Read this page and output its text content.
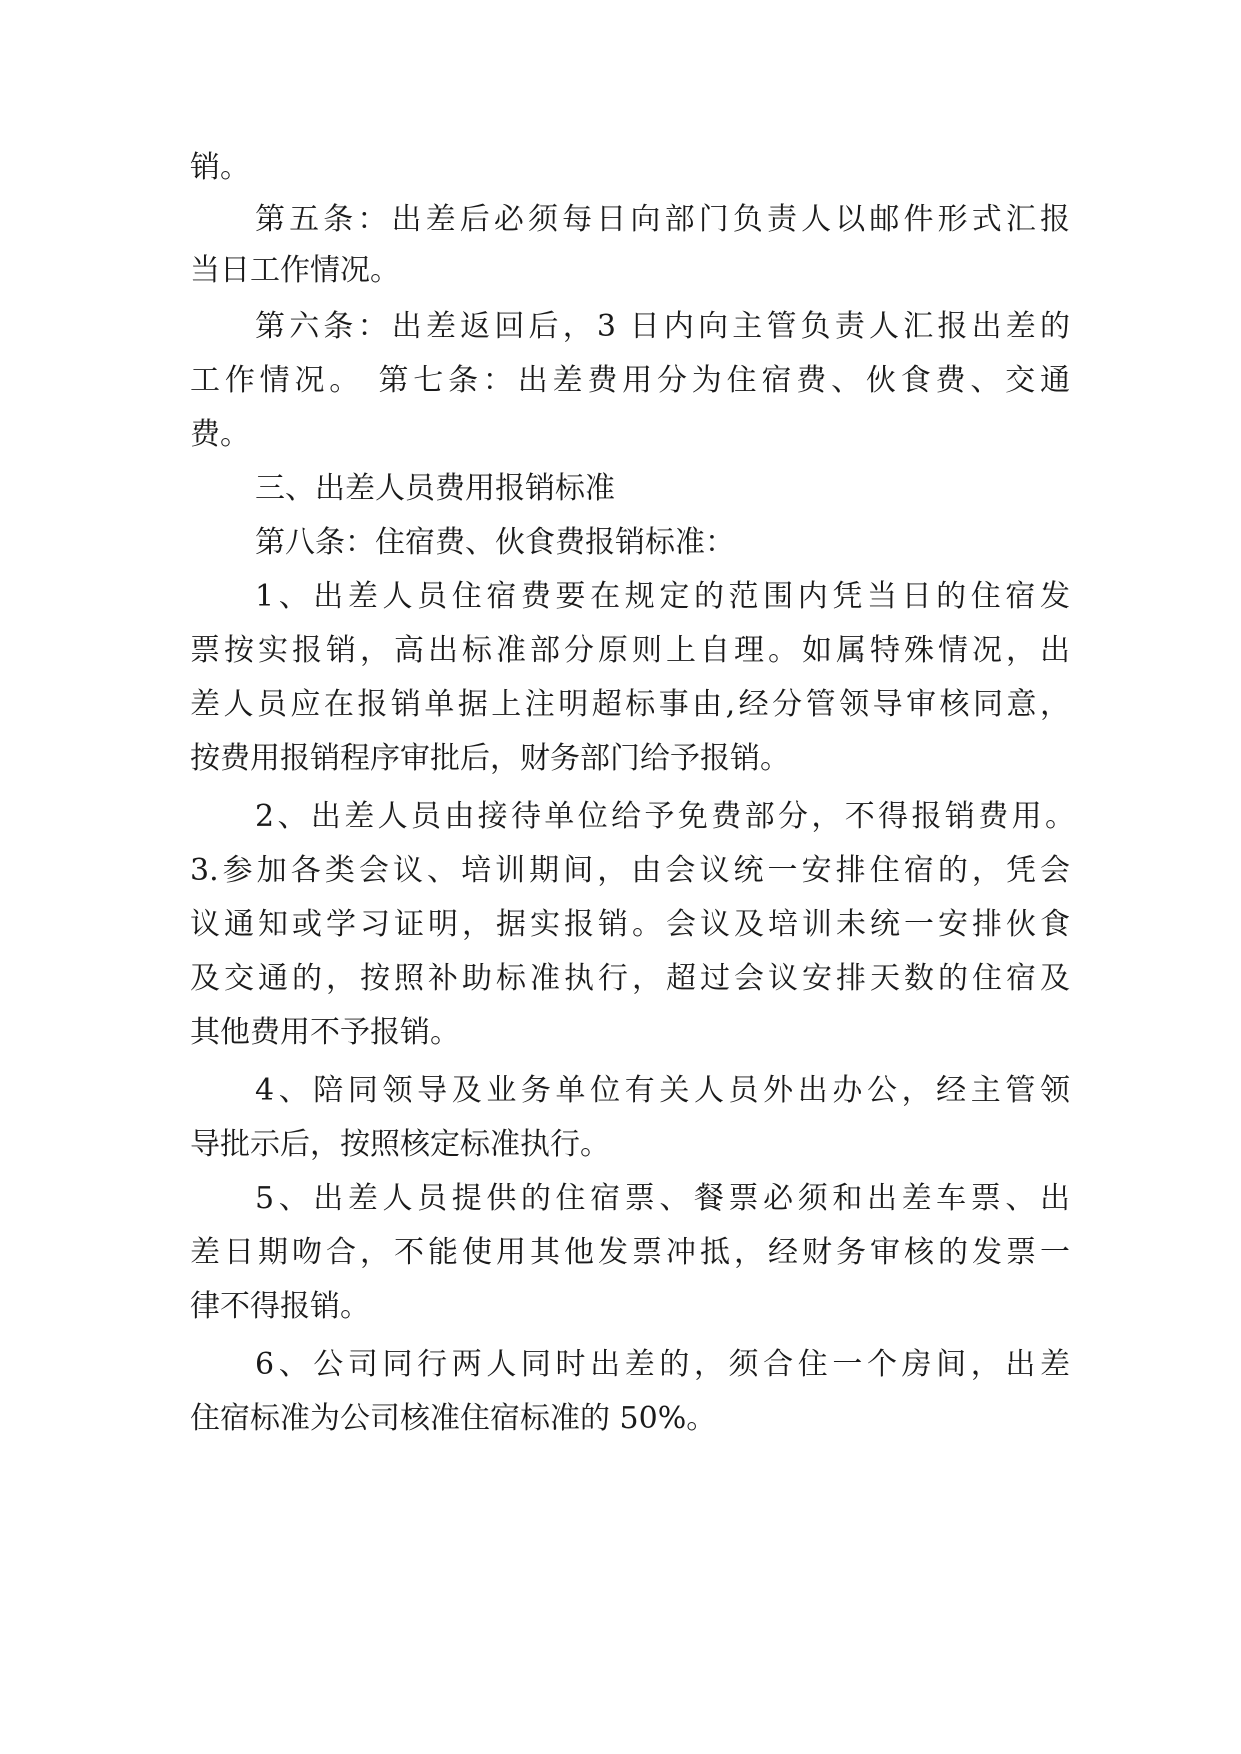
销。
第五条：出差后必须每日向部门负责人以邮件形式汇报
当日工作情况。
第六条：出差返回后，3 日内向主管负责人汇报出差的
工作情况。 第七条：出差费用分为住宿费、伙食费、交通
费。
三、出差人员费用报销标准
第八条：住宿费、伙食费报销标准：
1、出差人员住宿费要在规定的范围内凭当日的住宿发
票按实报销，高出标准部分原则上自理。如属特殊情况，出
差人员应在报销单据上注明超标事由,经分管领导审核同意，
按费用报销程序审批后，财务部门给予报销。
2、出差人员由接待单位给予免费部分，不得报销费用。
3.参加各类会议、培训期间，由会议统一安排住宿的，凭会
议通知或学习证明，据实报销。会议及培训未统一安排伙食
及交通的，按照补助标准执行，超过会议安排天数的住宿及
其他费用不予报销。
4、陪同领导及业务单位有关人员外出办公，经主管领
导批示后，按照核定标准执行。
5、出差人员提供的住宿票、餐票必须和出差车票、出
差日期吻合，不能使用其他发票冲抵，经财务审核的发票一
律不得报销。
6、公司同行两人同时出差的，须合住一个房间，出差
住宿标准为公司核准住宿标准的 50%。
